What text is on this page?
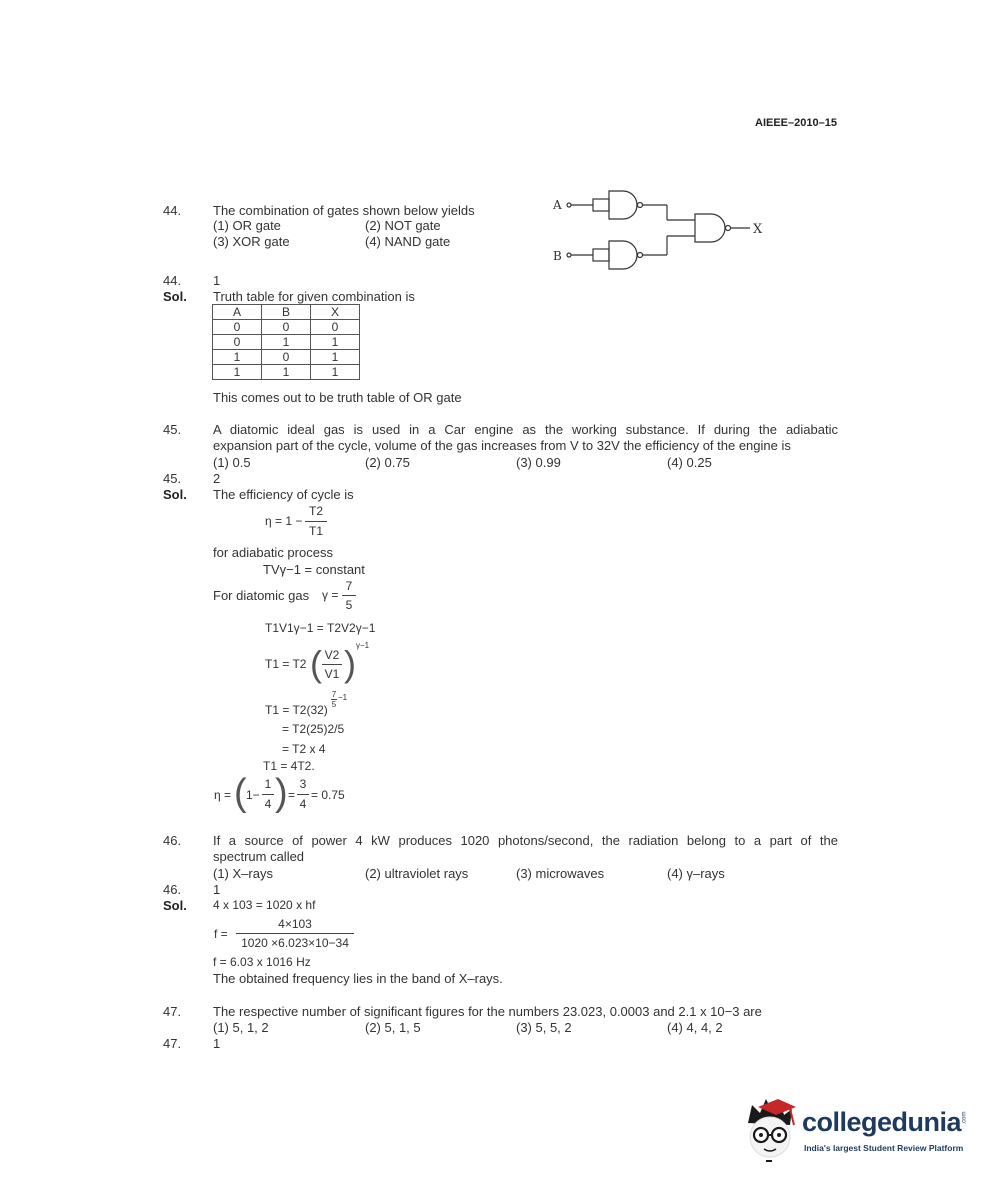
AIEEE–2010–15
44. The combination of gates shown below yields
(1) OR gate	(2) NOT gate
(3) XOR gate	(4) NAND gate
A
B
X
44. 1
Sol. Truth table for given combination is
A	B	X
0	0	0
0	1	1
1	0	1
1	1	1
This comes out to be truth table of OR gate
45. A diatomic ideal gas is used in a Car engine as the working substance. If during the adiabatic
expansion part of the cycle, volume of the gas increases from V to 32V the efficiency of the engine is
(1) 0.5	(2) 0.75	(3) 0.99	(4) 0.25
45. 2
Sol. The efficiency of cycle is
η = 1 −
T2
T1
for adiabatic process
TVγ−1 = constant
For diatomic gas γ =
7
5
T1V1γ−1 = T2V2γ−1
T1 = T2 ( V2
V1 ) γ−1
T1 = T2(32)
7
5
−1
= T2(25)2/5
= T2 x 4
T1 = 4T2.
η = ( 1−
1
4 ) =
3
4
= 0.75
46. If a source of power 4 kW produces 1020 photons/second, the radiation belong to a part of the
spectrum called
(1) X–rays	(2) ultraviolet rays	(3) microwaves	(4) γ–rays
46. 1
Sol. 4 x 103 = 1020 x hf
f =
4×103
1020 ×6.023×10−34
f = 6.03 x 1016 Hz
The obtained frequency lies in the band of X–rays.
47. The respective number of significant figures for the numbers 23.023, 0.0003 and 2.1 x 10−3 are
(1) 5, 1, 2	(2) 5, 1, 5	(3) 5, 5, 2	(4) 4, 4, 2
47. 1
collegedunia .com
India's largest Student Review Platform
